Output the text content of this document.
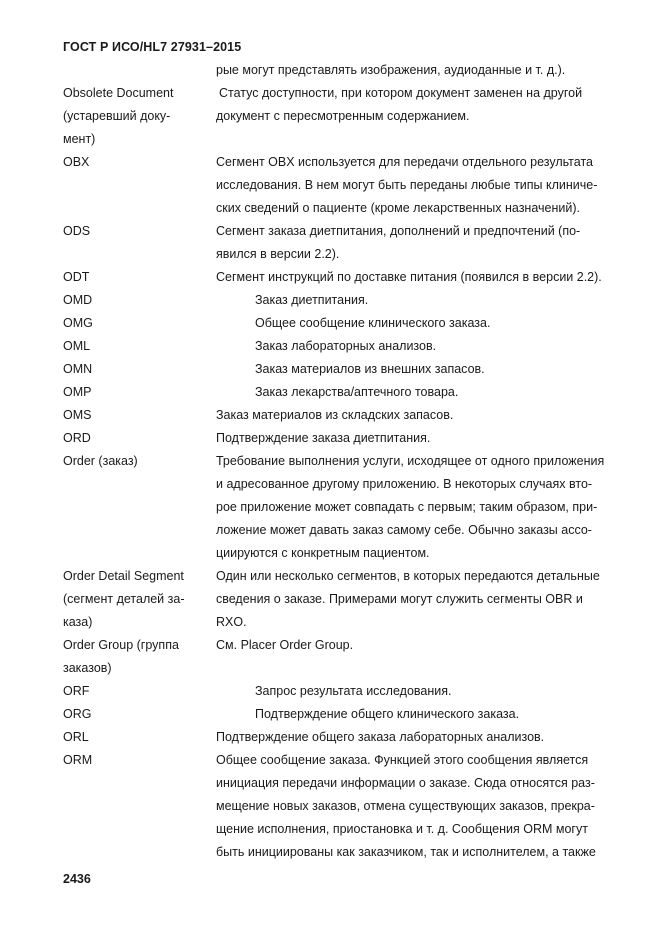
ГОСТ Р ИСО/HL7 27931–2015
рые могут представлять изображения, аудиоданные и т. д.).
Obsolete Document	Статус доступности, при котором документ заменен на другой
(устаревший доку-	документ с пересмотренным содержанием.
мент)
OBX	Сегмент OBX используется для передачи отдельного результата
исследования. В нем могут быть переданы любые типы клиниче-
ских сведений о пациенте (кроме лекарственных назначений).
ODS	Сегмент заказа диетпитания, дополнений и предпочтений (по-
явился в версии 2.2).
ODT	Сегмент инструкций по доставке питания (появился в версии 2.2).
OMD	Заказ диетпитания.
OMG	Общее сообщение клинического заказа.
OML	Заказ лабораторных анализов.
OMN	Заказ материалов из внешних запасов.
OMP	Заказ лекарства/аптечного товара.
OMS	Заказ материалов из складских запасов.
ORD	Подтверждение заказа диетпитания.
Order (заказ)	Требование выполнения услуги, исходящее от одного приложения
и адресованное другому приложению. В некоторых случаях вто-
рое приложение может совпадать с первым; таким образом, при-
ложение может давать заказ самому себе. Обычно заказы ассо-
циируются с конкретным пациентом.
Order Detail Segment	Один или несколько сегментов, в которых передаются детальные
(сегмент деталей за-	сведения о заказе. Примерами могут служить сегменты OBR и
каза)	RXO.
Order Group (группа	См. Placer Order Group.
заказов)
ORF	Запрос результата исследования.
ORG	Подтверждение общего клинического заказа.
ORL	Подтверждение общего заказа лабораторных анализов.
ORM	Общее сообщение заказа. Функцией этого сообщения является
инициация передачи информации о заказе. Сюда относятся раз-
мещение новых заказов, отмена существующих заказов, прекра-
щение исполнения, приостановка и т. д. Сообщения ORM могут
быть инициированы как заказчиком, так и исполнителем, а также
2436
